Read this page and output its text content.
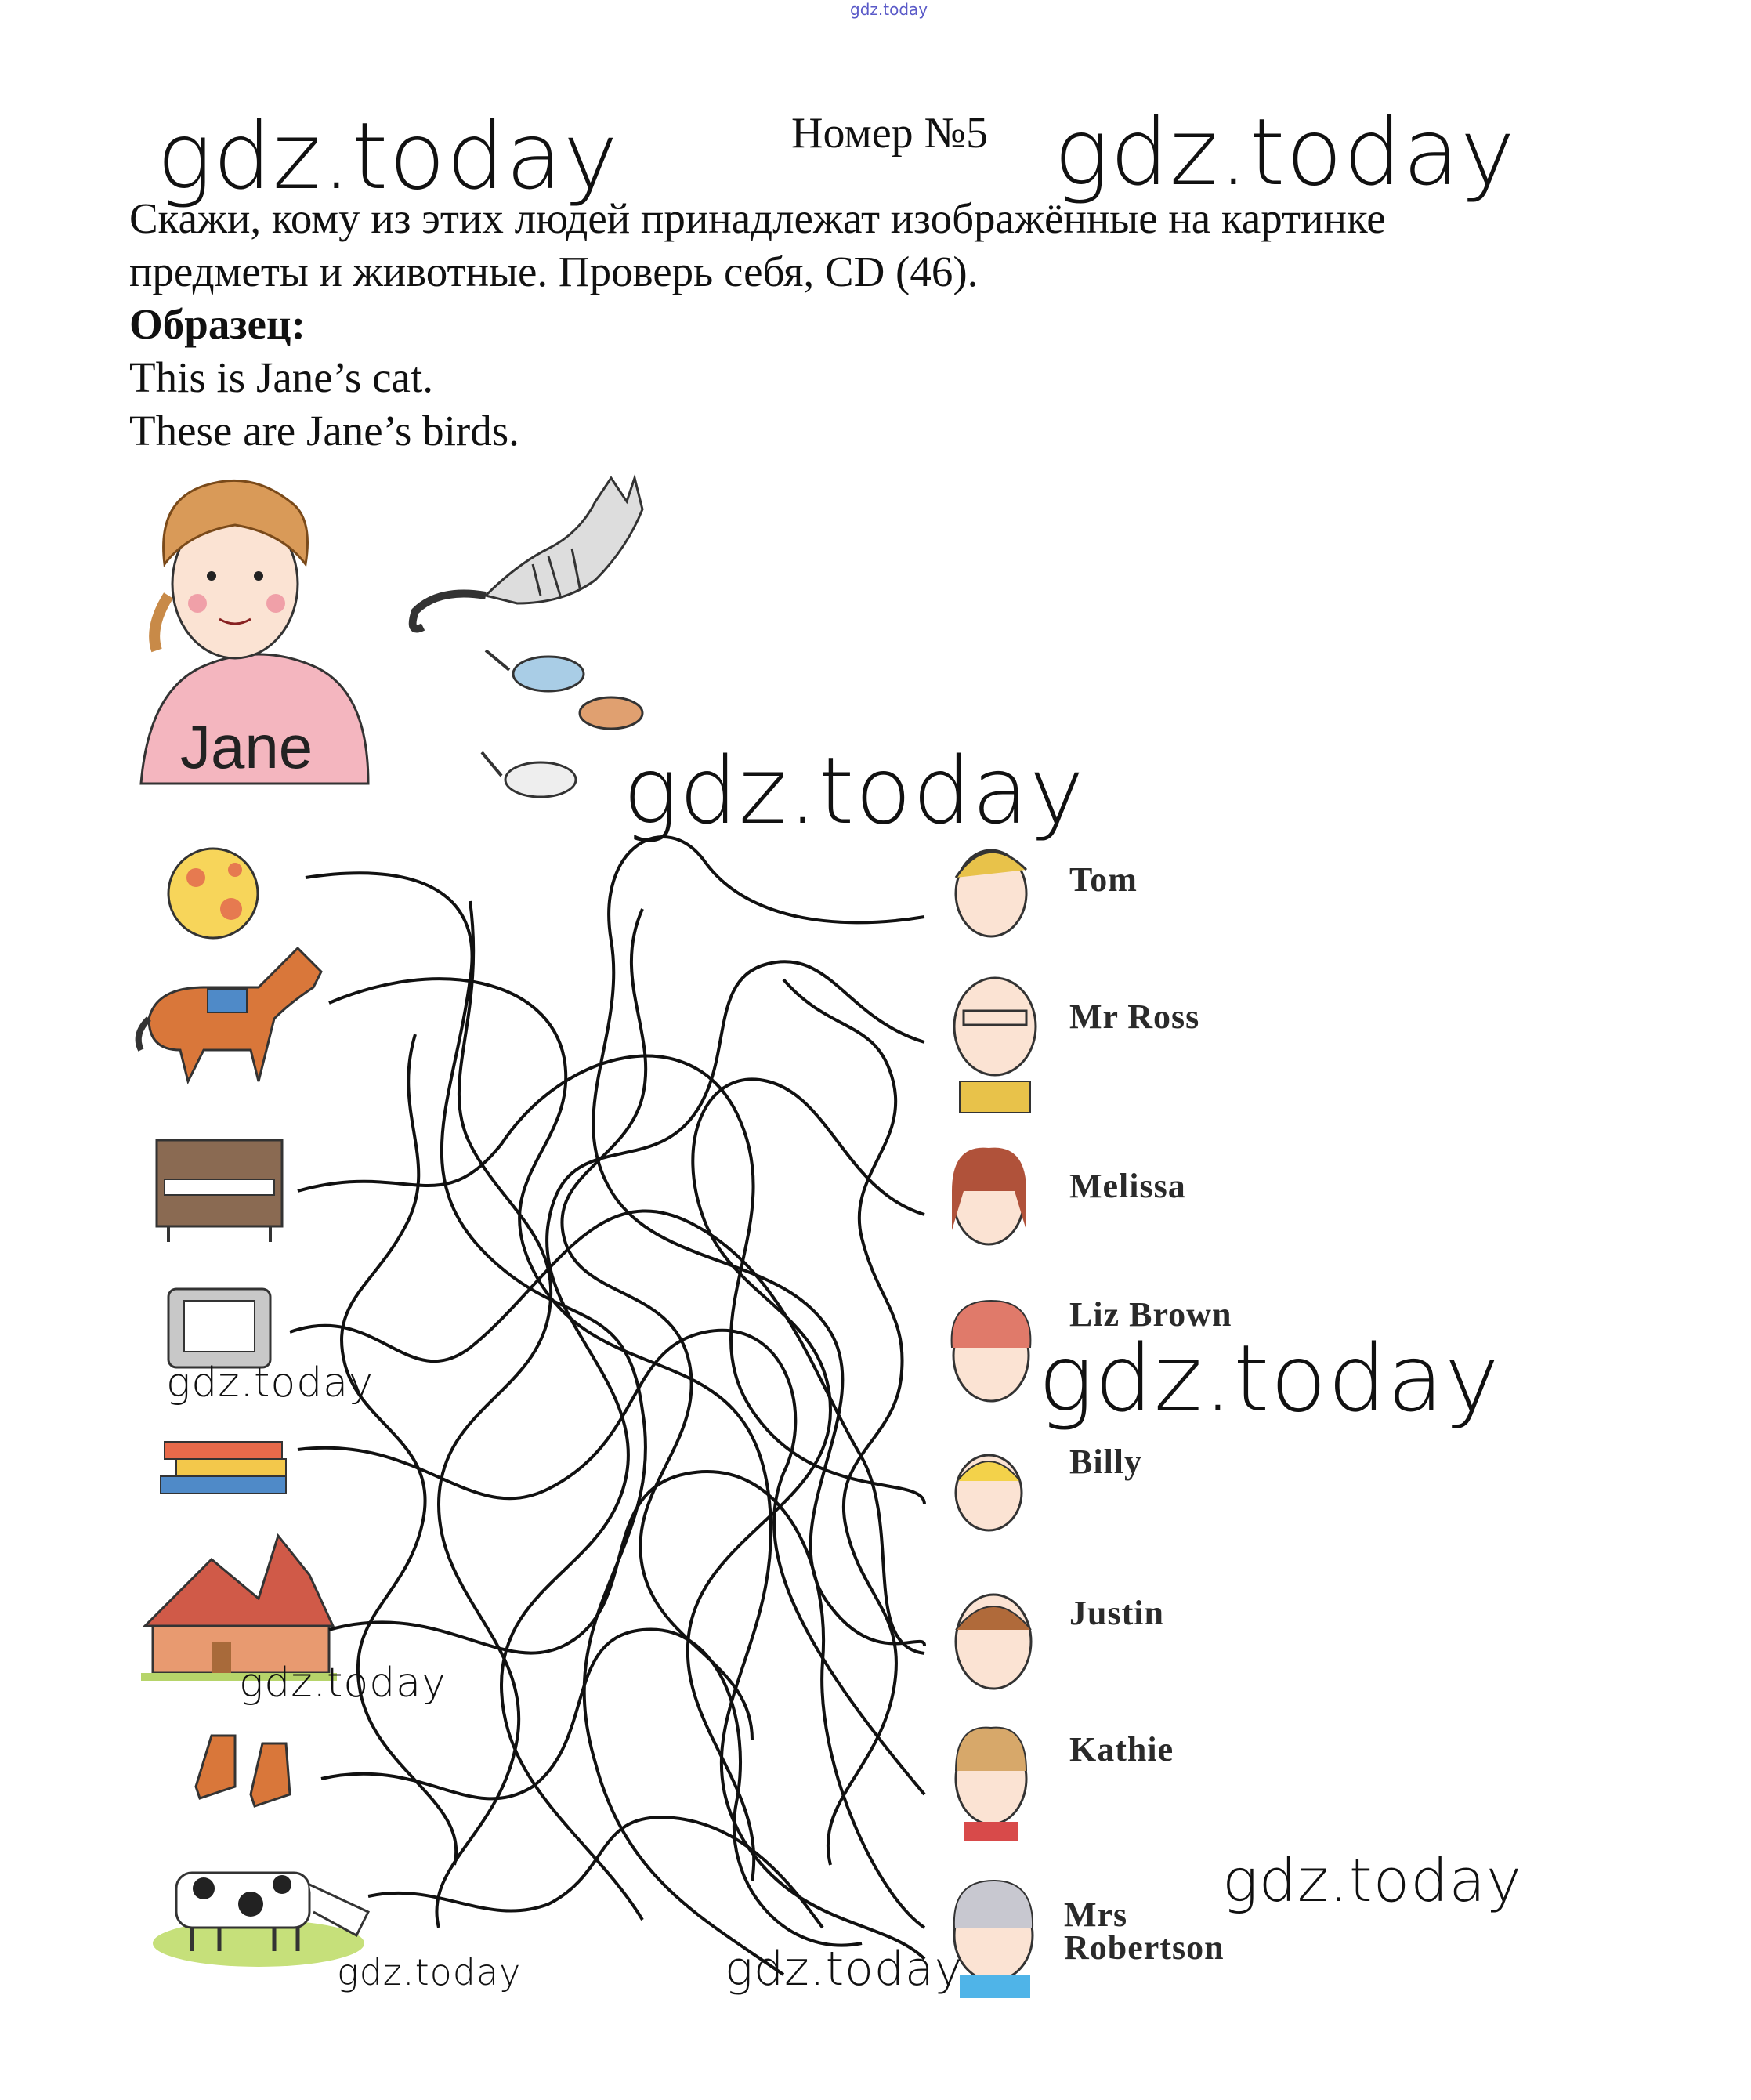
gdz.today
gdz.today	gdz.today
Номер №5
Скажи, кому из этих людей принадлежат изображённые на картинке предметы и животные. Проверь себя, CD (46).
Образец:
This is Jane’s cat.
These are Jane’s birds.
Jane	gdz.today
Tom
Mr Ross
Melissa
Liz Brown
Billy
Justin
Kathie
Mrs
Robertson
gdz.today
gdz.today
gdz.today
gdz.today
gdz.today	gdz.today
